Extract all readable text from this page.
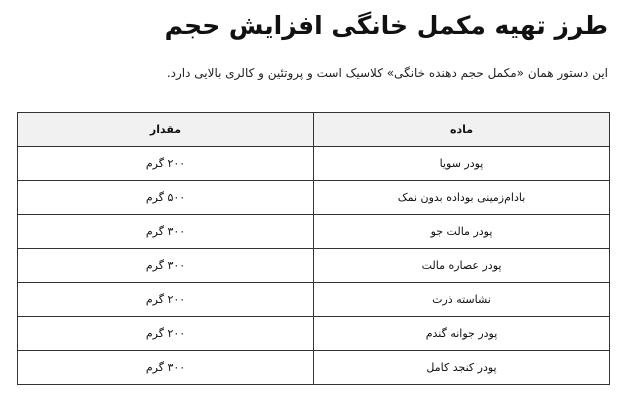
طرز تهیه مکمل خانگی افزایش حجم

این دستور همان «مکمل حجم دهنده خانگی» کلاسیک است و پروتئین و کالری بالایی دارد.

ماده	مقدار
پودر سویا	۲۰۰ گرم
بادام‌زمینی بوداده بدون نمک	۵۰۰ گرم
پودر مالت جو	۳۰۰ گرم
پودر عصاره مالت	۳۰۰ گرم
نشاسته ذرت	۲۰۰ گرم
پودر جوانه گندم	۲۰۰ گرم
پودر کنجد کامل	۳۰۰ گرم
